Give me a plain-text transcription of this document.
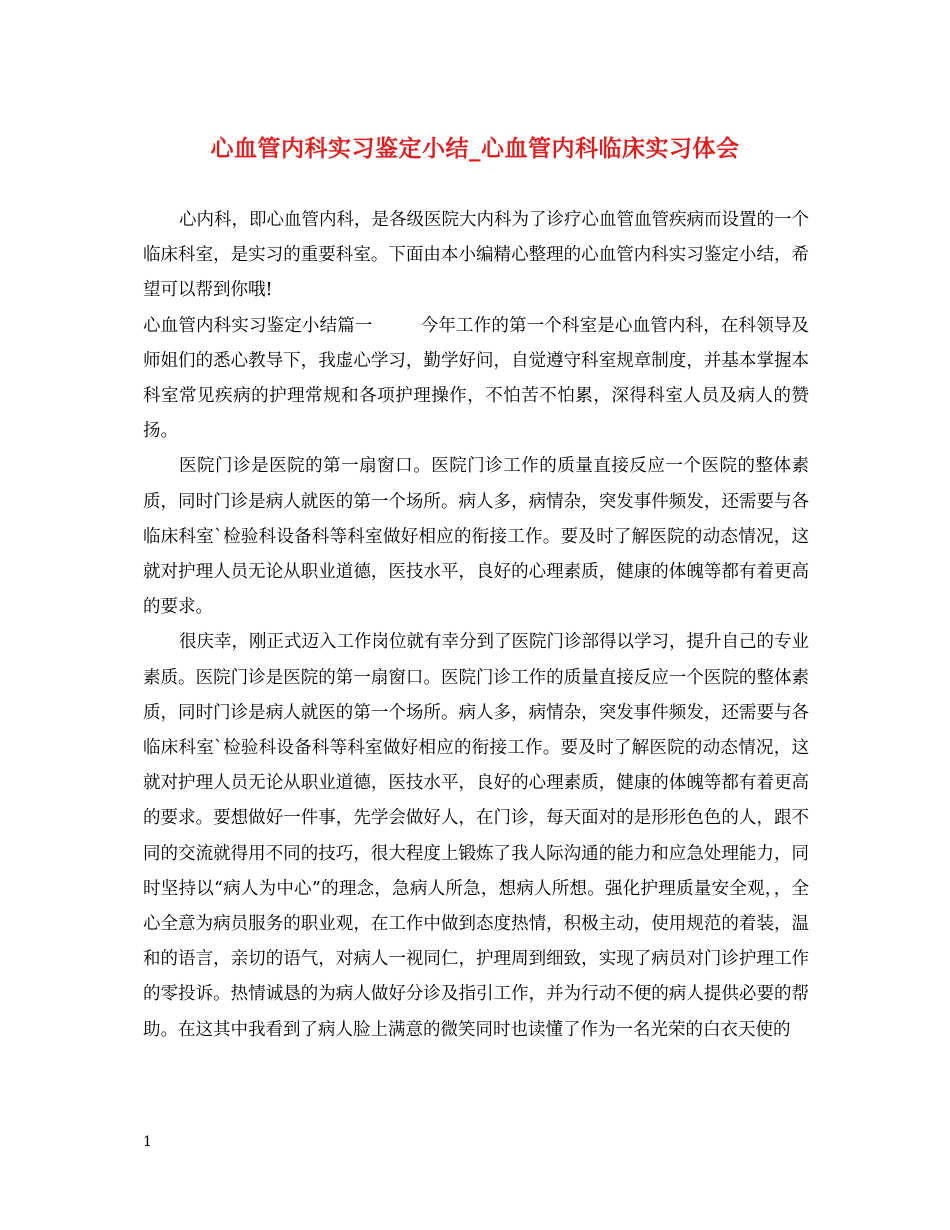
心血管内科实习鉴定小结_心血管内科临床实习体会

心内科，即心血管内科，是各级医院大内科为了诊疗心血管血管疾病而设置的一个临床科室，是实习的重要科室。下面由本小编精心整理的心血管内科实习鉴定小结，希望可以帮到你哦!

心血管内科实习鉴定小结篇一	今年工作的第一个科室是心血管内科，在科领导及师姐们的悉心教导下，我虚心学习，勤学好问，自觉遵守科室规章制度，并基本掌握本科室常见疾病的护理常规和各项护理操作，不怕苦不怕累，深得科室人员及病人的赞扬。

医院门诊是医院的第一扇窗口。医院门诊工作的质量直接反应一个医院的整体素质，同时门诊是病人就医的第一个场所。病人多，病情杂，突发事件频发，还需要与各临床科室`检验科设备科等科室做好相应的衔接工作。要及时了解医院的动态情况，这就对护理人员无论从职业道德，医技水平，良好的心理素质，健康的体魄等都有着更高的要求。

很庆幸，刚正式迈入工作岗位就有幸分到了医院门诊部得以学习，提升自己的专业素质。医院门诊是医院的第一扇窗口。医院门诊工作的质量直接反应一个医院的整体素质，同时门诊是病人就医的第一个场所。病人多，病情杂，突发事件频发，还需要与各临床科室`检验科设备科等科室做好相应的衔接工作。要及时了解医院的动态情况，这就对护理人员无论从职业道德，医技水平，良好的心理素质，健康的体魄等都有着更高的要求。要想做好一件事，先学会做好人，在门诊，每天面对的是形形色色的人，跟不同的交流就得用不同的技巧，很大程度上锻炼了我人际沟通的能力和应急处理能力，同时坚持以“病人为中心”的理念，急病人所急，想病人所想。强化护理质量安全观，，全心全意为病员服务的职业观，在工作中做到态度热情，积极主动，使用规范的着装，温和的语言，亲切的语气，对病人一视同仁，护理周到细致，实现了病员对门诊护理工作的零投诉。热情诚恳的为病人做好分诊及指引工作，并为行动不便的病人提供必要的帮助。在这其中我看到了病人脸上满意的微笑同时也读懂了作为一名光荣的白衣天使的

1
